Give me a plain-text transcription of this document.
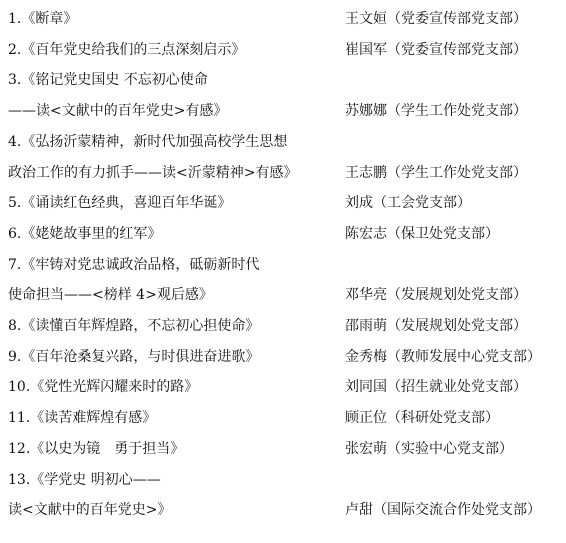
1.《断章》	王文姮（党委宣传部党支部）
2.《百年党史给我们的三点深刻启示》	崔国军（党委宣传部党支部）
3.《铭记党史国史 不忘初心使命
——读<文献中的百年党史>有感》	苏娜娜（学生工作处党支部）
4.《弘扬沂蒙精神，新时代加强高校学生思想
政治工作的有力抓手——读<沂蒙精神>有感》	王志鹏（学生工作处党支部）
5.《诵读红色经典，喜迎百年华诞》	刘成（工会党支部）
6.《姥姥故事里的红军》	陈宏志（保卫处党支部）
7.《牢铸对党忠诚政治品格，砥砺新时代
使命担当——<榜样 4>观后感》	邓华亮（发展规划处党支部）
8.《读懂百年辉煌路，不忘初心担使命》	邵雨萌（发展规划处党支部）
9.《百年沧桑复兴路，与时俱进奋进歌》	金秀梅（教师发展中心党支部）
10.《党性光辉闪耀来时的路》	刘同国（招生就业处党支部）
11.《读苦难辉煌有感》	顾正位（科研处党支部）
12.《以史为镜　勇于担当》	张宏萌（实验中心党支部）
13.《学党史 明初心——
读<文献中的百年党史>》	卢甜（国际交流合作处党支部）
